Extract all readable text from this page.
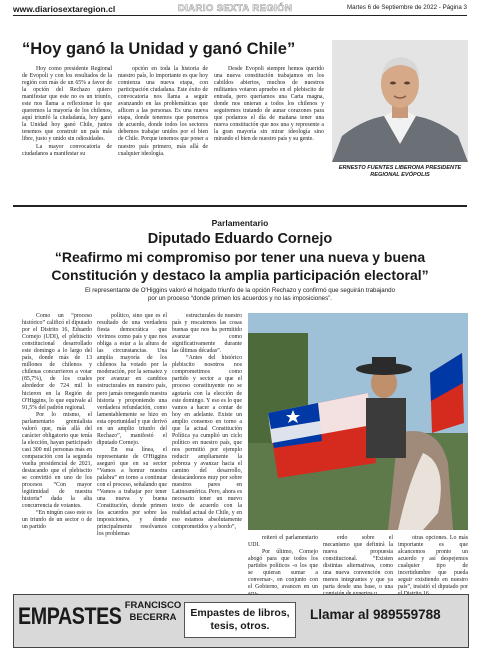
www.diariosextaregion.cl	DIARIO SEXTA REGIÓN	Martes 6 de Septiembre de 2022 - Página 3
“Hoy ganó la Unidad y ganó Chile”

Hoy como presidente Regional de Evopoli y con los resultados de la región con más de un 65% a favor de la opción del Rechazo quiero manifestar que este no es un triunfo, este nos llama a reflexionar lo que queremos la mayoría de los chilenos, aquí triunfó la ciudadanía, hoy ganó la Unidad hoy ganó Chile, juntos tenemos que construir un país más libre, justo y unido sin odiosidades.

La mayor convocatoria de ciudadanos a manifestar su

opción en toda la historia de nuestro país, lo importante es que hoy comienza una nueva etapa, con participación ciudadana. Este éxito de convocatoria nos llama a seguir avanzando en las problemáticas que aflicen a las personas. Es una nueva etapa, donde tenemos que ponernos de acuerdo, donde todos los sectores debemos trabajar unidos por el bien de Chile. Porque tenemos que poner a nuestro país primero, más allá de cualquier ideología.

Desde Evopoli siempre hemos querido una nueva constitución trabajamos en los cabildos abiertos, muchos de nuestros militantes votaron apruebo en el plebiscito de entrada, pero queríamos una Carta magna, donde nos unieran a todos los chilenos y seguiremos tratando de aunar corazones para que podamos el día de mañana tener una nueva constitución que nos una y represente a la gran mayoría sin mirar ideología sino mirando el bien de nuestro país y su gente.

ERNESTO FUENTES LIBERONA PRESIDENTE REGIONAL EVÓPOLIS
Parlamentario
Diputado Eduardo Cornejo
“Reafirmo mi compromiso por tener una nueva y buena
Constitución y destaco la amplia participación electoral”
El representante de O'Higgins valoró el holgado triunfo de la opción Rechazo y confirmó que seguirán trabajando
por un proceso “donde primen los acuerdos y no las imposiciones”.

Como un “proceso histórico” calificó el diputado por el Distrito 16, Eduardo Cornejo (UDI), el plebiscito constitucional desarrollado este domingo a lo largo del país, donde más de 13 millones de chilenos y chilenas concurrieron a votar (85,7%), de los cuales alrededor de 724 mil lo hicieron en la Región de O'Higgins, lo que equivale al 91,5% del padrón regional.

Por lo mismo, el parlamentario gremialista valoró que, más allá del carácter obligatorio que tenía la elección, hayan participado casi 300 mil personas más en comparación con la segunda vuelta presidencial de 2021, destacando que el plebiscito se convirtió en uno de los procesos “Con mayor legitimidad de nuestra historia” dada la alta concurrencia de votantes.

“En ningún caso este es un triunfo de un sector o de un partido

político, sino que es el resultado de una verdadera fiesta democrática que vivimos como país y que nos obliga a estar a la altura de las circunstancias. Una amplia mayoría de los chilenos ha votado por la moderación, por la sensatez y por avanzar en cambios estructurales en nuestro país, pero jamás renegando nuestra historia y proponiendo una verdadera refundación, como lamentablemente se hizo en esta oportunidad y que derivó en un amplio triunfo del Rechazo”, manifestó el diputado Cornejo.

En esa línea, el representante de O'Higgins aseguró que en su sector “Vamos a honrar nuestra palabra” en torno a continuar con el proceso, señalando que “Vamos a trabajar por tener una nueva y buena Constitución, donde primen los acuerdos por sobre las imposiciones, y donde principalmente resolvamos los problemas

estructurales de nuestro país y rescatemos las cosas buenas que nos ha permitido avanzar como significativamente durante las últimas décadas”.

“Antes del histórico plebiscito nosotros nos comprometimos como partido y sector a que el proceso constituyente no se agotaría con la elección de este domingo. Y eso es lo que vamos a hacer a contar de hoy en adelante. Existe un amplio consenso en torno a que la actual Constitución Política ya cumplió un ciclo político en nuestro país, que nos permitió por ejemplo reducir ampliamente la pobreza y avanzar hacia el camino del desarrollo, destacándonos muy por sobre nuestros pares en Latinoamérica. Pero, ahora es necesario tener un nuevo texto de acuerdo con la realidad actual de Chile, y en eso estamos absolutamente comprometidos y a bordo”,

reiteró el parlamentario UDI.

Por último, Cornejo abogó para que todos los partidos políticos -o los que se quieran sumar a conversar-, en conjunto con el Gobierno, avancen en un

erdo sobre el mecanismo que definirá la nueva propuesta constitucional. “Existen distintas alternativas, como una nueva convención con menos integrantes y que ya parta desde una base, o una

otras opciones. Lo más importante es que alcancemos pronto un acuerdo y así despejemos cualquier tipo de incertidumbre que pueda seguir existiendo en nuestro país”, insistió el diputado por

EMPASTES FRANCISCO
BECERRA	Empastes de libros,
tesis, otros.
Llamar al 989559788
